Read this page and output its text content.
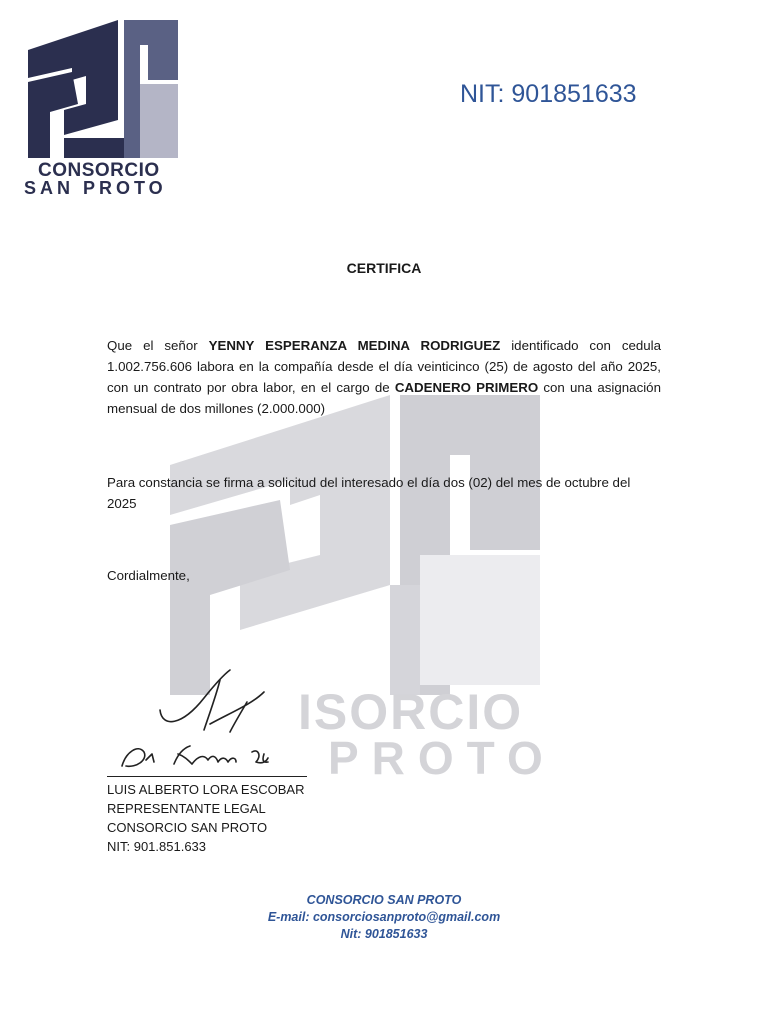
ISORCIO
PROTO
CONSORCIO
SAN PROTO
NIT: 901851633
CERTIFICA
Que el señor YENNY ESPERANZA MEDINA RODRIGUEZ identificado con cedula 1.002.756.606 labora en la compañía desde el día veinticinco (25) de agosto del año 2025, con un contrato por obra labor, en el cargo de CADENERO PRIMERO con una asignación mensual de dos millones (2.000.000)
Para constancia se firma a solicitud del interesado el día dos (02) del mes de octubre del 2025
Cordialmente,
LUIS ALBERTO LORA ESCOBAR
REPRESENTANTE LEGAL
CONSORCIO SAN PROTO
NIT: 901.851.633
CONSORCIO SAN PROTO
E-mail: consorciosanproto@gmail.com
Nit: 901851633
